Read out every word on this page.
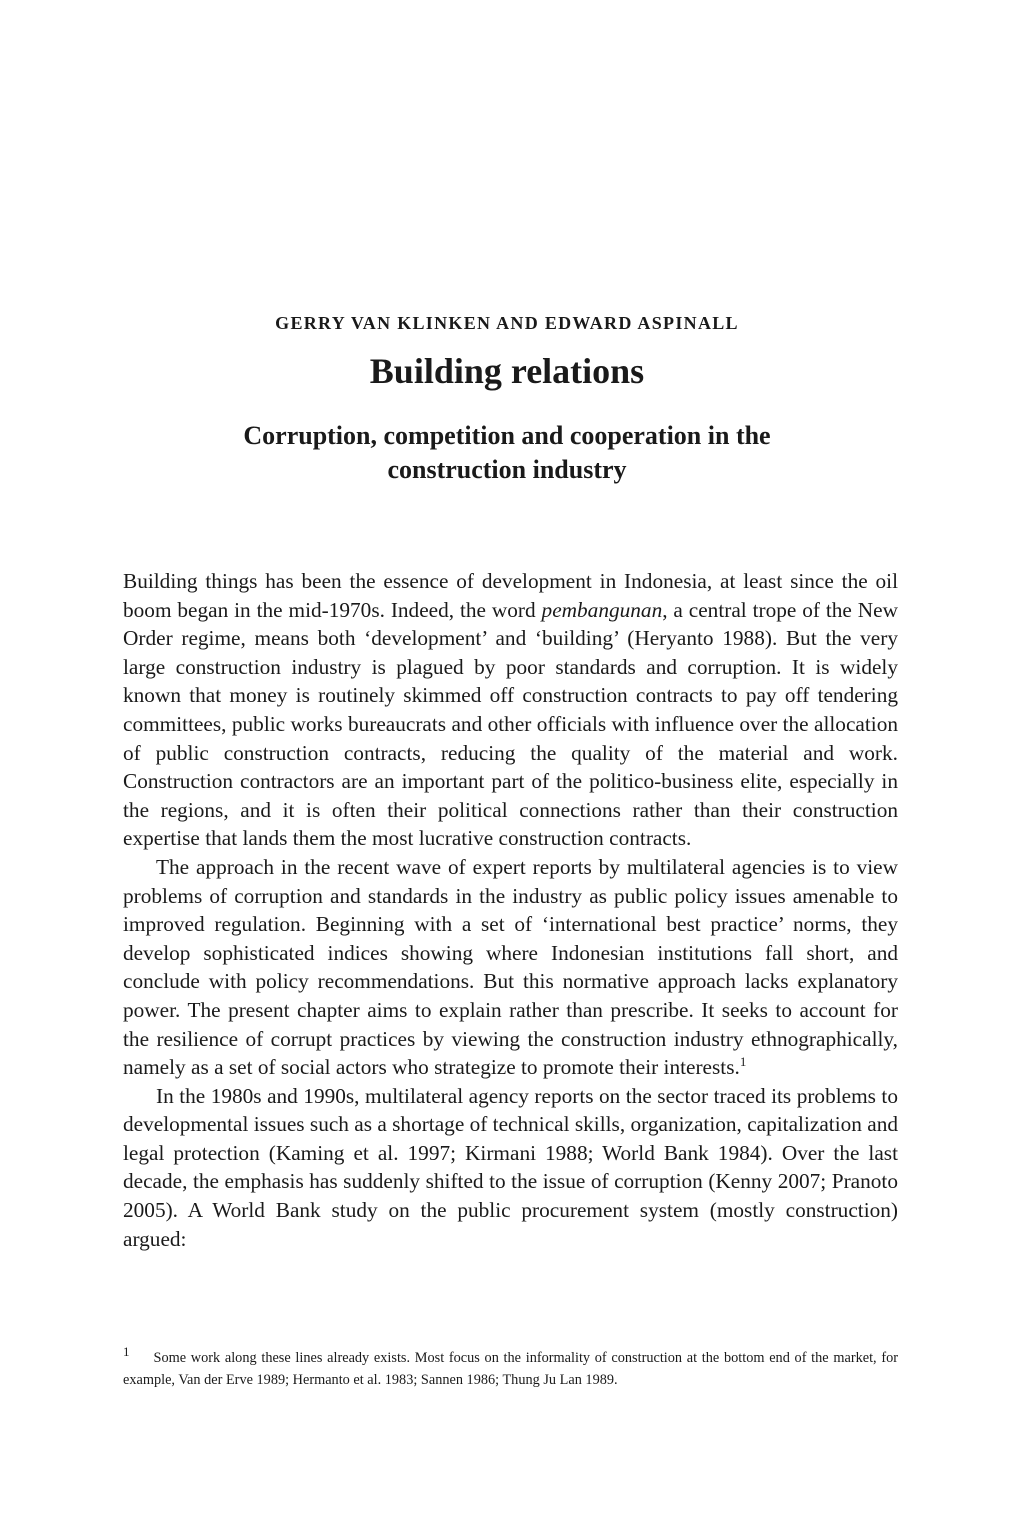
GERRY VAN KLINKEN AND EDWARD ASPINALL
Building relations
Corruption, competition and cooperation in the construction industry

Building things has been the essence of development in Indonesia, at least since the oil boom began in the mid-1970s. Indeed, the word pembangunan, a central trope of the New Order regime, means both ‘development’ and ‘building’ (Heryanto 1988). But the very large construction industry is plagued by poor standards and corruption. It is widely known that money is routinely skimmed off construction contracts to pay off tendering committees, public works bureaucrats and other officials with influence over the allocation of public construction contracts, reducing the quality of the material and work. Construction contractors are an important part of the politico-business elite, especially in the regions, and it is often their political connections rather than their construction expertise that lands them the most lucrative construction contracts.

The approach in the recent wave of expert reports by multilateral agencies is to view problems of corruption and standards in the industry as public policy issues amenable to improved regulation. Beginning with a set of ‘international best practice’ norms, they develop sophisticated indices showing where Indonesian institutions fall short, and conclude with policy recommendations. But this normative approach lacks explanatory power. The present chapter aims to explain rather than prescribe. It seeks to account for the resilience of corrupt practices by viewing the construction industry ethnographically, namely as a set of social actors who strategize to promote their interests.$^1$

In the 1980s and 1990s, multilateral agency reports on the sector traced its problems to developmental issues such as a shortage of technical skills, organization, capitalization and legal protection (Kaming et al. 1997; Kirmani 1988; World Bank 1984). Over the last decade, the emphasis has suddenly shifted to the issue of corruption (Kenny 2007; Pranoto 2005). A World Bank study on the public procurement system (mostly construction) argued:

$^1$ Some work along these lines already exists. Most focus on the informality of construction at the bottom end of the market, for example, Van der Erve 1989; Hermanto et al. 1983; Sannen 1986; Thung Ju Lan 1989.
